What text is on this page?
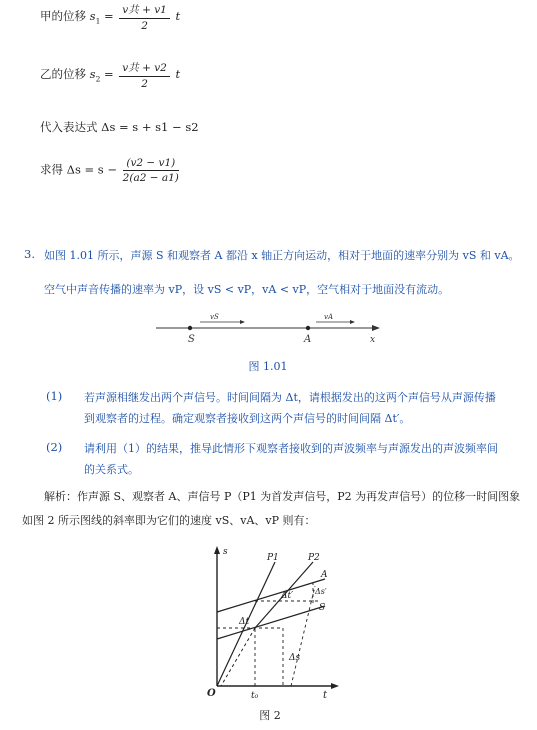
甲的位移 $s_1 = \frac{\text{v共 + v1}}{2}$ t
乙的位移 $s_2 = \frac{\text{v共 + v2}}{2}$ t
代入表达式 Δs = s + s1 − s2
求得 $\Delta s = s - \frac{(v2 - v1)}{2(a2 - a1)}$
3. 如图 1.01 所示，声源 S 和观察者 A 都沿 x 轴正方向运动，相对于地面的速率分别为 vS 和 vA。
空气中声音传播的速率为 vP，设 vS < vP，vA < vP，空气相对于地面没有流动。
vS	vA
S	A	x
图 1.01
(1) 若声源相继发出两个声信号。时间间隔为 Δt，请根据发出的这两个声信号从声源传播
到观察者的过程。确定观察者接收到这两个声信号的时间间隔 Δt′。
(2) 请利用（1）的结果，推导此情形下观察者接收到的声波频率与声源发出的声波频率间
的关系式。
解析：作声源 S、观察者 A、声信号 P（P1 为首发声信号，P2 为再发声信号）的位移一时间图象
如图 2 所示图线的斜率即为它们的速度 vS、vA、vP 则有：
s
t
O	t₀
P1	P2
A
S
Δt
Δt′	Δs′
Δs
图 2
